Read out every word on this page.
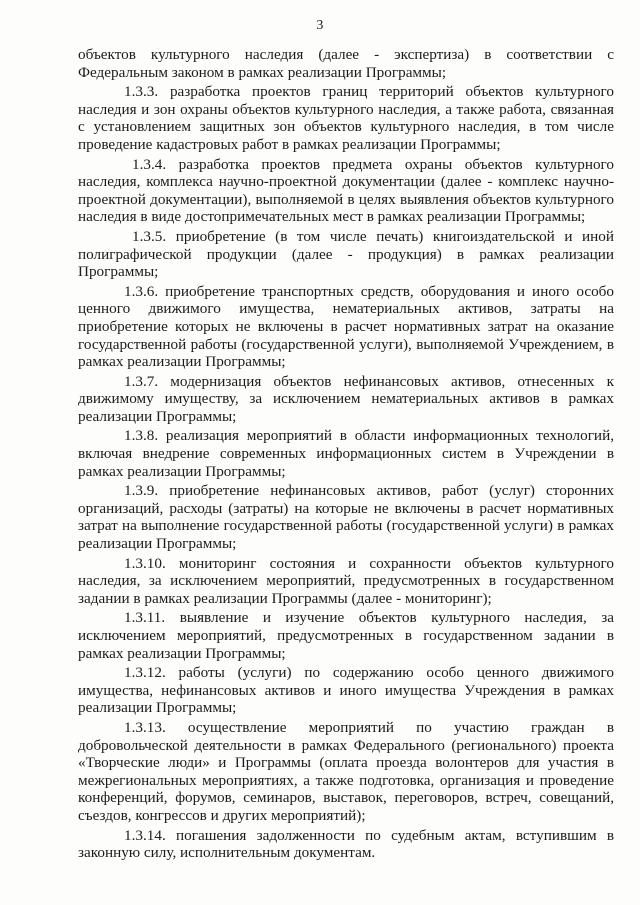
3

объектов культурного наследия (далее - экспертиза) в соответствии с Федеральным законом в рамках реализации Программы;

1.3.3. разработка проектов границ территорий объектов культурного наследия и зон охраны объектов культурного наследия, а также работа, связанная с установлением защитных зон объектов культурного наследия, в том числе проведение кадастровых работ в рамках реализации Программы;

1.3.4. разработка проектов предмета охраны объектов культурного наследия, комплекса научно-проектной документации (далее - комплекс научно-проектной документации), выполняемой в целях выявления объектов культурного наследия в виде достопримечательных мест в рамках реализации Программы;

1.3.5. приобретение (в том числе печать) книгоиздательской и иной полиграфической продукции (далее - продукция) в рамках реализации Программы;

1.3.6. приобретение транспортных средств, оборудования и иного особо ценного движимого имущества, нематериальных активов, затраты на приобретение которых не включены в расчет нормативных затрат на оказание государственной работы (государственной услуги), выполняемой Учреждением, в рамках реализации Программы;

1.3.7. модернизация объектов нефинансовых активов, отнесенных к движимому имуществу, за исключением нематериальных активов в рамках реализации Программы;

1.3.8. реализация мероприятий в области информационных технологий, включая внедрение современных информационных систем в Учреждении в рамках реализации Программы;

1.3.9. приобретение нефинансовых активов, работ (услуг) сторонних организаций, расходы (затраты) на которые не включены в расчет нормативных затрат на выполнение государственной работы (государственной услуги) в рамках реализации Программы;

1.3.10. мониторинг состояния и сохранности объектов культурного наследия, за исключением мероприятий, предусмотренных в государственном задании в рамках реализации Программы (далее - мониторинг);

1.3.11. выявление и изучение объектов культурного наследия, за исключением мероприятий, предусмотренных в государственном задании в рамках реализации Программы;

1.3.12. работы (услуги) по содержанию особо ценного движимого имущества, нефинансовых активов и иного имущества Учреждения в рамках реализации Программы;

1.3.13. осуществление мероприятий по участию граждан в добровольческой деятельности в рамках Федерального (регионального) проекта «Творческие люди» и Программы (оплата проезда волонтеров для участия в межрегиональных мероприятиях, а также подготовка, организация и проведение конференций, форумов, семинаров, выставок, переговоров, встреч, совещаний, съездов, конгрессов и других мероприятий);

1.3.14. погашения задолженности по судебным актам, вступившим в законную силу, исполнительным документам.
